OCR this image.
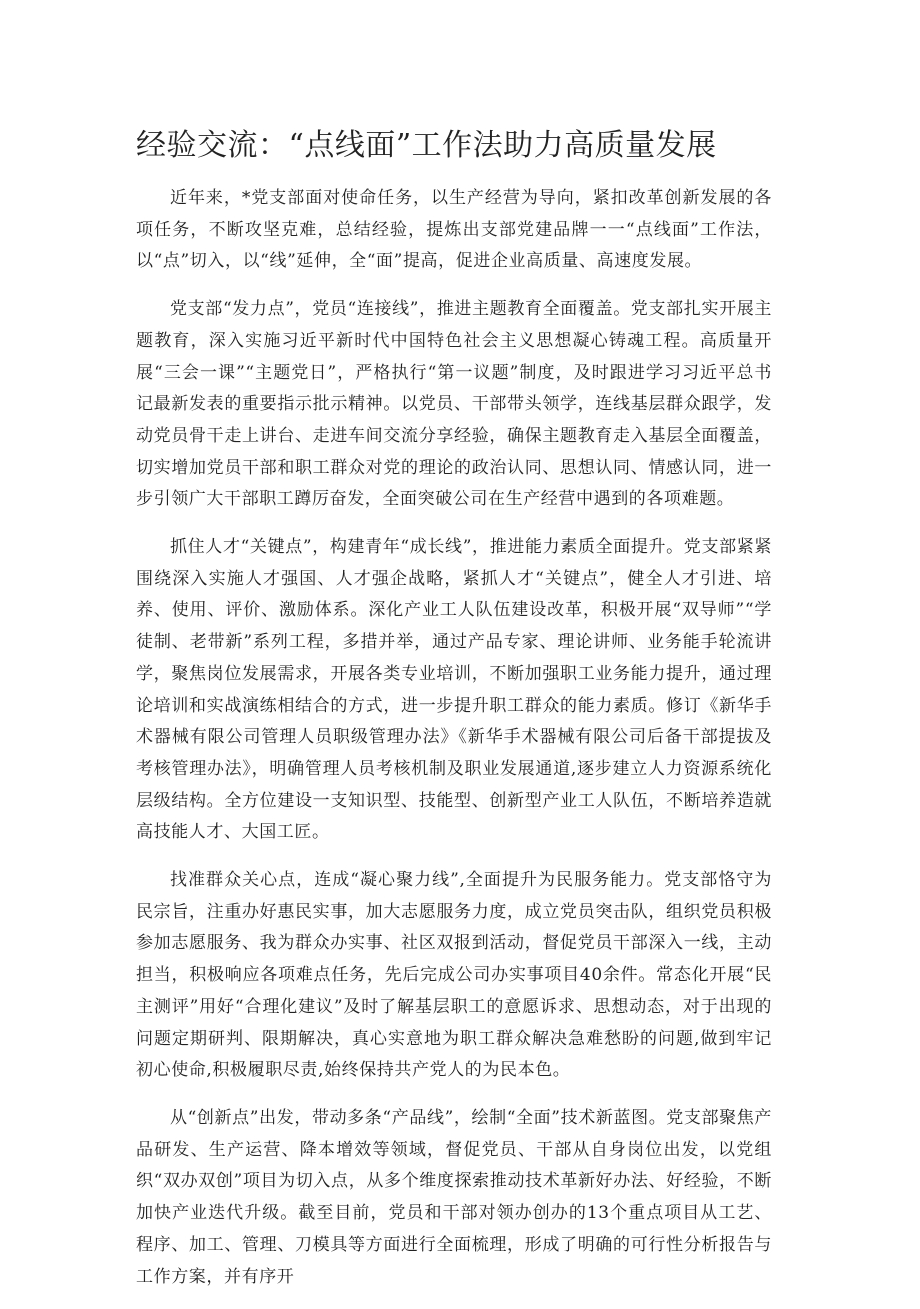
经验交流：“点线面”工作法助力高质量发展

近年来，*党支部面对使命任务，以生产经营为导向，紧扣改革创新发展的各项任务，不断攻坚克难，总结经验，提炼出支部党建品牌一一“点线面”工作法，以“点”切入，以“线”延伸，全“面”提高，促进企业高质量、高速度发展。

党支部“发力点”，党员“连接线”，推进主题教育全面覆盖。党支部扎实开展主题教育，深入实施习近平新时代中国特色社会主义思想凝心铸魂工程。高质量开展“三会一课”“主题党日”，严格执行“第一议题”制度，及时跟进学习习近平总书记最新发表的重要指示批示精神。以党员、干部带头领学，连线基层群众跟学，发动党员骨干走上讲台、走进车间交流分享经验，确保主题教育走入基层全面覆盖，切实增加党员干部和职工群众对党的理论的政治认同、思想认同、情感认同，进一步引领广大干部职工蹲厉奋发，全面突破公司在生产经营中遇到的各项难题。

抓住人才“关键点”，构建青年“成长线”，推进能力素质全面提升。党支部紧紧围绕深入实施人才强国、人才强企战略，紧抓人才“关键点”，健全人才引进、培养、使用、评价、激励体系。深化产业工人队伍建设改革，积极开展“双导师”“学徒制、老带新”系列工程，多措并举，通过产品专家、理论讲师、业务能手轮流讲学，聚焦岗位发展需求，开展各类专业培训，不断加强职工业务能力提升，通过理论培训和实战演练相结合的方式，进一步提升职工群众的能力素质。修订《新华手术器械有限公司管理人员职级管理办法》《新华手术器械有限公司后备干部提拔及考核管理办法》，明确管理人员考核机制及职业发展通道,逐步建立人力资源系统化层级结构。全方位建设一支知识型、技能型、创新型产业工人队伍，不断培养造就高技能人才、大国工匠。

找准群众关心点，连成“凝心聚力线”,全面提升为民服务能力。党支部恪守为民宗旨，注重办好惠民实事，加大志愿服务力度，成立党员突击队，组织党员积极参加志愿服务、我为群众办实事、社区双报到活动，督促党员干部深入一线，主动担当，积极响应各项难点任务，先后完成公司办实事项目40余件。常态化开展“民主测评”用好“合理化建议”及时了解基层职工的意愿诉求、思想动态，对于出现的问题定期研判、限期解决，真心实意地为职工群众解决急难愁盼的问题,做到牢记初心使命,积极履职尽责,始终保持共产党人的为民本色。

从“创新点”出发，带动多条“产品线”，绘制“全面”技术新蓝图。党支部聚焦产品研发、生产运营、降本增效等领域，督促党员、干部从自身岗位出发，以党组织“双办双创”项目为切入点，从多个维度探索推动技术革新好办法、好经验，不断加快产业迭代升级。截至目前，党员和干部对领办创办的13个重点项目从工艺、程序、加工、管理、刀模具等方面进行全面梳理，形成了明确的可行性分析报告与工作方案，并有序开
